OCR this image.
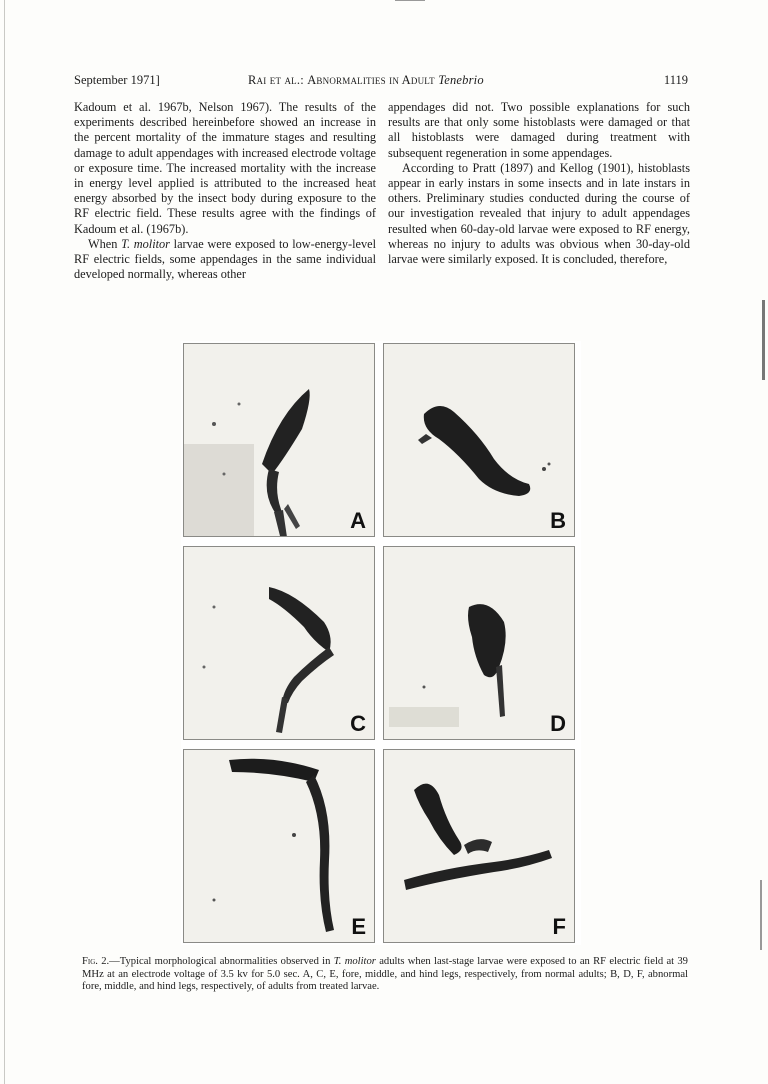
September 1971]	Rai et al.: Abnormalities in Adult Tenebrio	1119

Kadoum et al. 1967b, Nelson 1967). The results of the experiments described hereinbefore showed an increase in the percent mortality of the immature stages and resulting damage to adult appendages with increased electrode voltage or exposure time. The increased mortality with the increase in energy level applied is attributed to the increased heat energy absorbed by the insect body during exposure to the RF electric field. These results agree with the findings of Kadoum et al. (1967b).

When T. molitor larvae were exposed to low-energy-level RF electric fields, some appendages in the same individual developed normally, whereas other

appendages did not. Two possible explanations for such results are that only some histoblasts were damaged or that all histoblasts were damaged during treatment with subsequent regeneration in some appendages.

According to Pratt (1897) and Kellog (1901), histoblasts appear in early instars in some insects and in late instars in others. Preliminary studies conducted during the course of our investigation revealed that injury to adult appendages resulted when 60-day-old larvae were exposed to RF energy, whereas no injury to adults was obvious when 30-day-old larvae were similarly exposed. It is concluded, therefore,

A	B
C	D
E	F
Fig. 2.—Typical morphological abnormalities observed in T. molitor adults when last-stage larvae were exposed to an RF electric field at 39 MHz at an electrode voltage of 3.5 kv for 5.0 sec. A, C, E, fore, middle, and hind legs, respectively, from normal adults; B, D, F, abnormal fore, middle, and hind legs, respectively, of adults from treated larvae.
